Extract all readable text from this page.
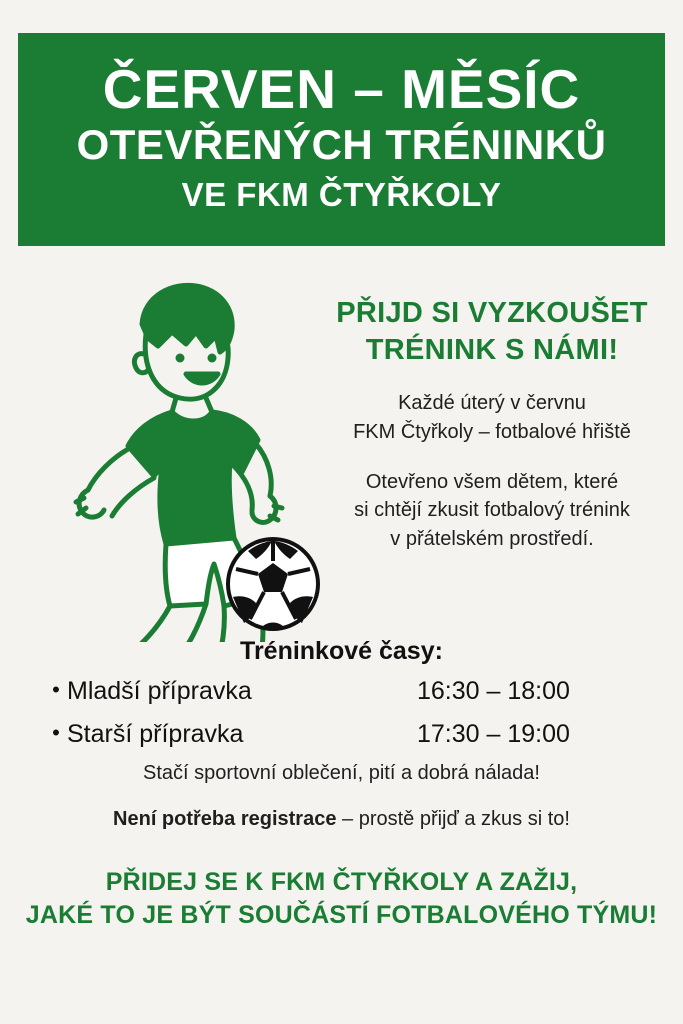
ČERVEN – MĚSÍC
OTEVŘENÝCH TRÉNINKŮ
VE FKM ČTYŘKOLY
PŘIJD SI VYZKOUŠET
TRÉNINK S NÁMI!
Každé úterý v červnu
FKM Čtyřkoly – fotbalové hřiště
Otevřeno všem dětem, které
si chtějí zkusit fotbalový trénink
v přátelském prostředí.
Tréninkové časy:
• Mladší přípravka	16:30 – 18:00
• Starší přípravka	17:30 – 19:00
Stačí sportovní oblečení, pití a dobrá nálada!
Není potřeba registrace – prostě přijď a zkus si to!
PŘIDEJ SE K FKM ČTYŘKOLY A ZAŽIJ,
JAKÉ TO JE BÝT SOUČÁSTÍ FOTBALOVÉHO TÝMU!
